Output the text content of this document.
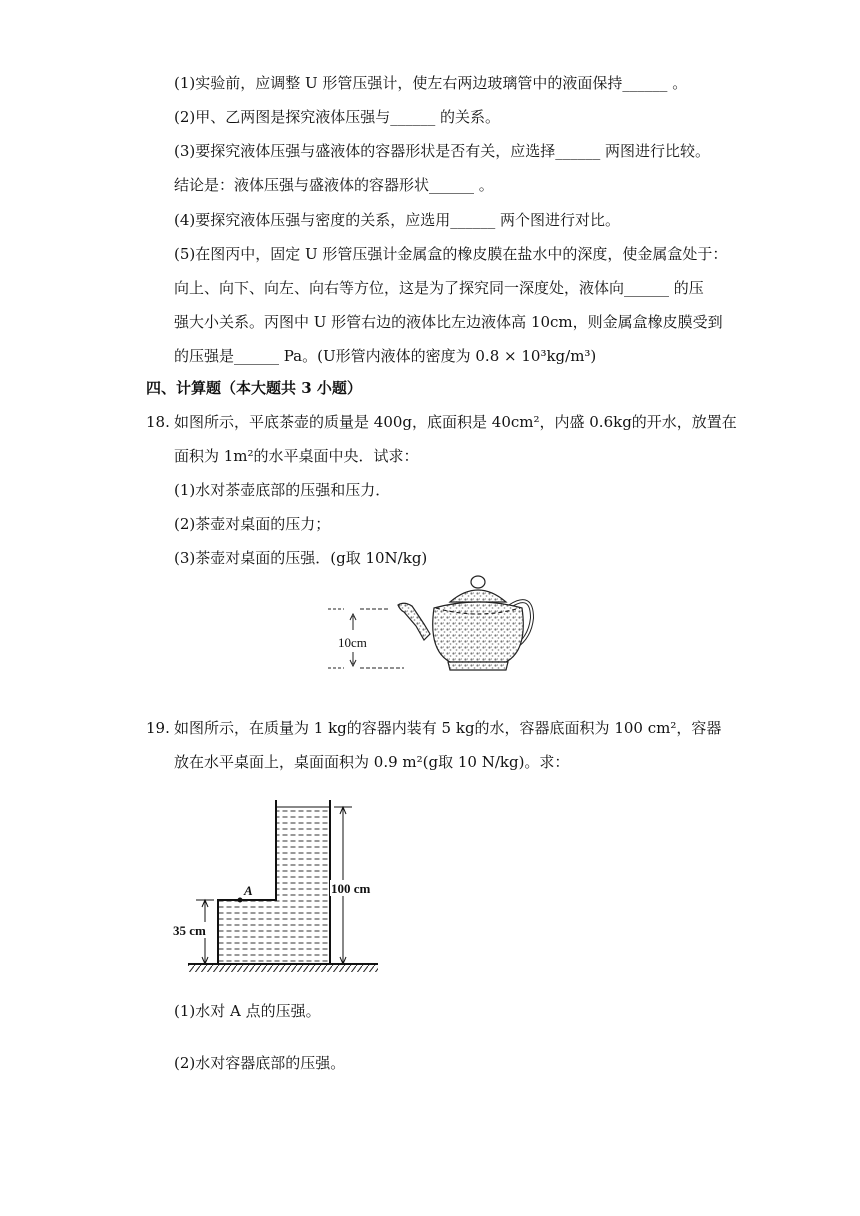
(1)实验前，应调整 U 形管压强计，使左右两边玻璃管中的液面保持______ 。
(2)甲、乙两图是探究液体压强与______ 的关系。
(3)要探究液体压强与盛液体的容器形状是否有关，应选择______ 两图进行比较。
结论是：液体压强与盛液体的容器形状______ 。
(4)要探究液体压强与密度的关系，应选用______ 两个图进行对比。
(5)在图丙中，固定 U 形管压强计金属盒的橡皮膜在盐水中的深度，使金属盒处于：
向上、向下、向左、向右等方位，这是为了探究同一深度处，液体向______ 的压
强大小关系。丙图中 U 形管右边的液体比左边液体高 10cm，则金属盒橡皮膜受到
的压强是______ Pa。(U形管内液体的密度为 0.8 × 10³kg/m³)
四、计算题（本大题共 3 小题）
18. 如图所示，平底茶壶的质量是 400g，底面积是 40cm²，内盛 0.6kg的开水，放置在
面积为 1m²的水平桌面中央．试求：
(1)水对茶壶底部的压强和压力．
(2)茶壶对桌面的压力；
(3)茶壶对桌面的压强．(g取 10N/kg)
10cm
19. 如图所示，在质量为 1 kg的容器内装有 5 kg的水，容器底面积为 100 cm²，容器
放在水平桌面上，桌面面积为 0.9 m²(g取 10 N/kg)。求：
A
35 cm
100 cm
(1)水对 A 点的压强。
(2)水对容器底部的压强。
